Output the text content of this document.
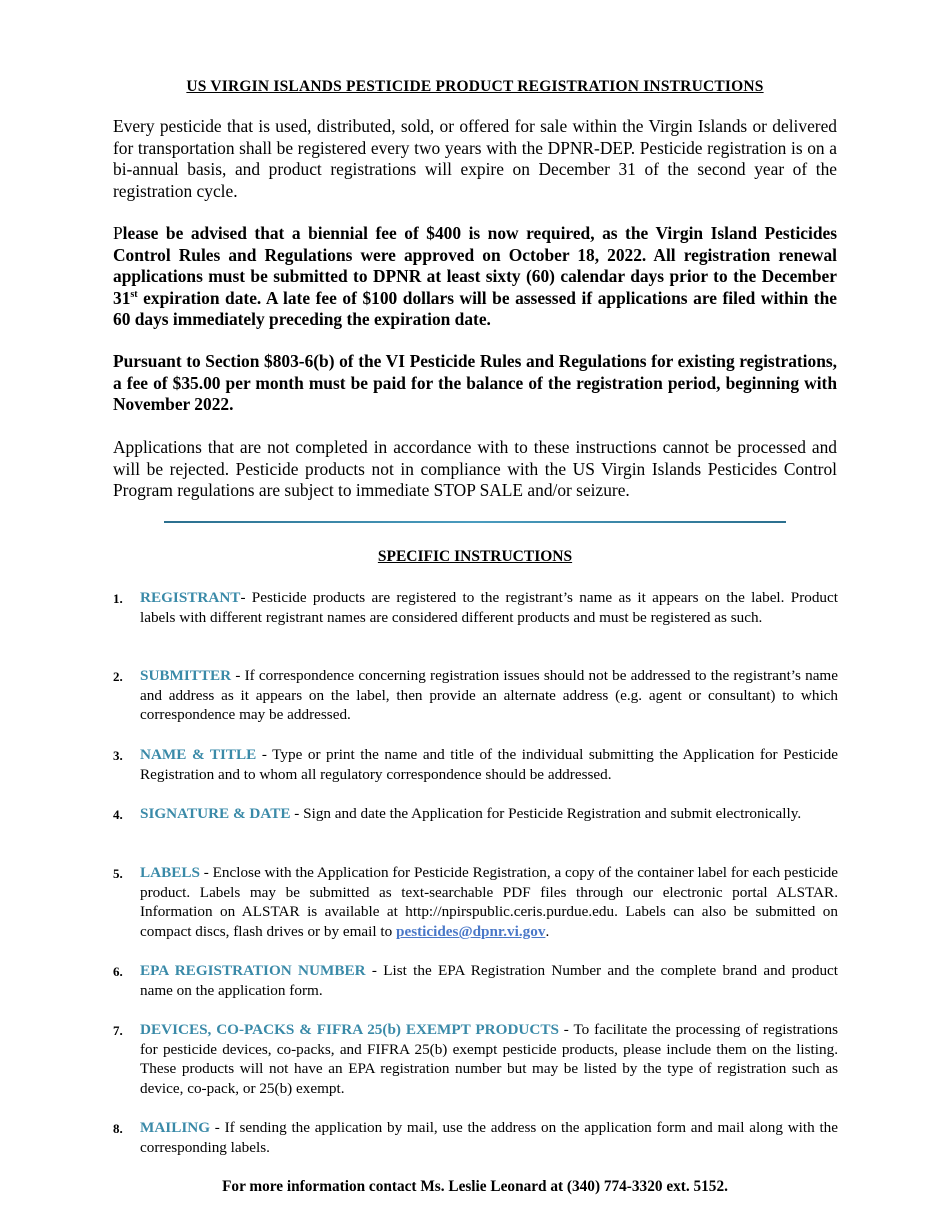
US VIRGIN ISLANDS PESTICIDE PRODUCT REGISTRATION INSTRUCTIONS
Every pesticide that is used, distributed, sold, or offered for sale within the Virgin Islands or delivered for transportation shall be registered every two years with the DPNR-DEP. Pesticide registration is on a bi-annual basis, and product registrations will expire on December 31 of the second year of the registration cycle.
Please be advised that a biennial fee of $400 is now required, as the Virgin Island Pesticides Control Rules and Regulations were approved on October 18, 2022. All registration renewal applications must be submitted to DPNR at least sixty (60) calendar days prior to the December 31st expiration date. A late fee of $100 dollars will be assessed if applications are filed within the 60 days immediately preceding the expiration date.
Pursuant to Section $803-6(b) of the VI Pesticide Rules and Regulations for existing registrations, a fee of $35.00 per month must be paid for the balance of the registration period, beginning with November 2022.
Applications that are not completed in accordance with to these instructions cannot be processed and will be rejected. Pesticide products not in compliance with the US Virgin Islands Pesticides Control Program regulations are subject to immediate STOP SALE and/or seizure.
SPECIFIC INSTRUCTIONS
1. REGISTRANT- Pesticide products are registered to the registrant’s name as it appears on the label. Product labels with different registrant names are considered different products and must be registered as such.
2. SUBMITTER - If correspondence concerning registration issues should not be addressed to the registrant’s name and address as it appears on the label, then provide an alternate address (e.g. agent or consultant) to which correspondence may be addressed.
3. NAME & TITLE - Type or print the name and title of the individual submitting the Application for Pesticide Registration and to whom all regulatory correspondence should be addressed.
4. SIGNATURE & DATE - Sign and date the Application for Pesticide Registration and submit electronically.
5. LABELS - Enclose with the Application for Pesticide Registration, a copy of the container label for each pesticide product. Labels may be submitted as text-searchable PDF files through our electronic portal ALSTAR. Information on ALSTAR is available at http://npirspublic.ceris.purdue.edu. Labels can also be submitted on compact discs, flash drives or by email to pesticides@dpnr.vi.gov.
6. EPA REGISTRATION NUMBER - List the EPA Registration Number and the complete brand and product name on the application form.
7. DEVICES, CO-PACKS & FIFRA 25(b) EXEMPT PRODUCTS - To facilitate the processing of registrations for pesticide devices, co-packs, and FIFRA 25(b) exempt pesticide products, please include them on the listing. These products will not have an EPA registration number but may be listed by the type of registration such as device, co-pack, or 25(b) exempt.
8. MAILING - If sending the application by mail, use the address on the application form and mail along with the corresponding labels.
For more information contact Ms. Leslie Leonard at (340) 774-3320 ext. 5152.
